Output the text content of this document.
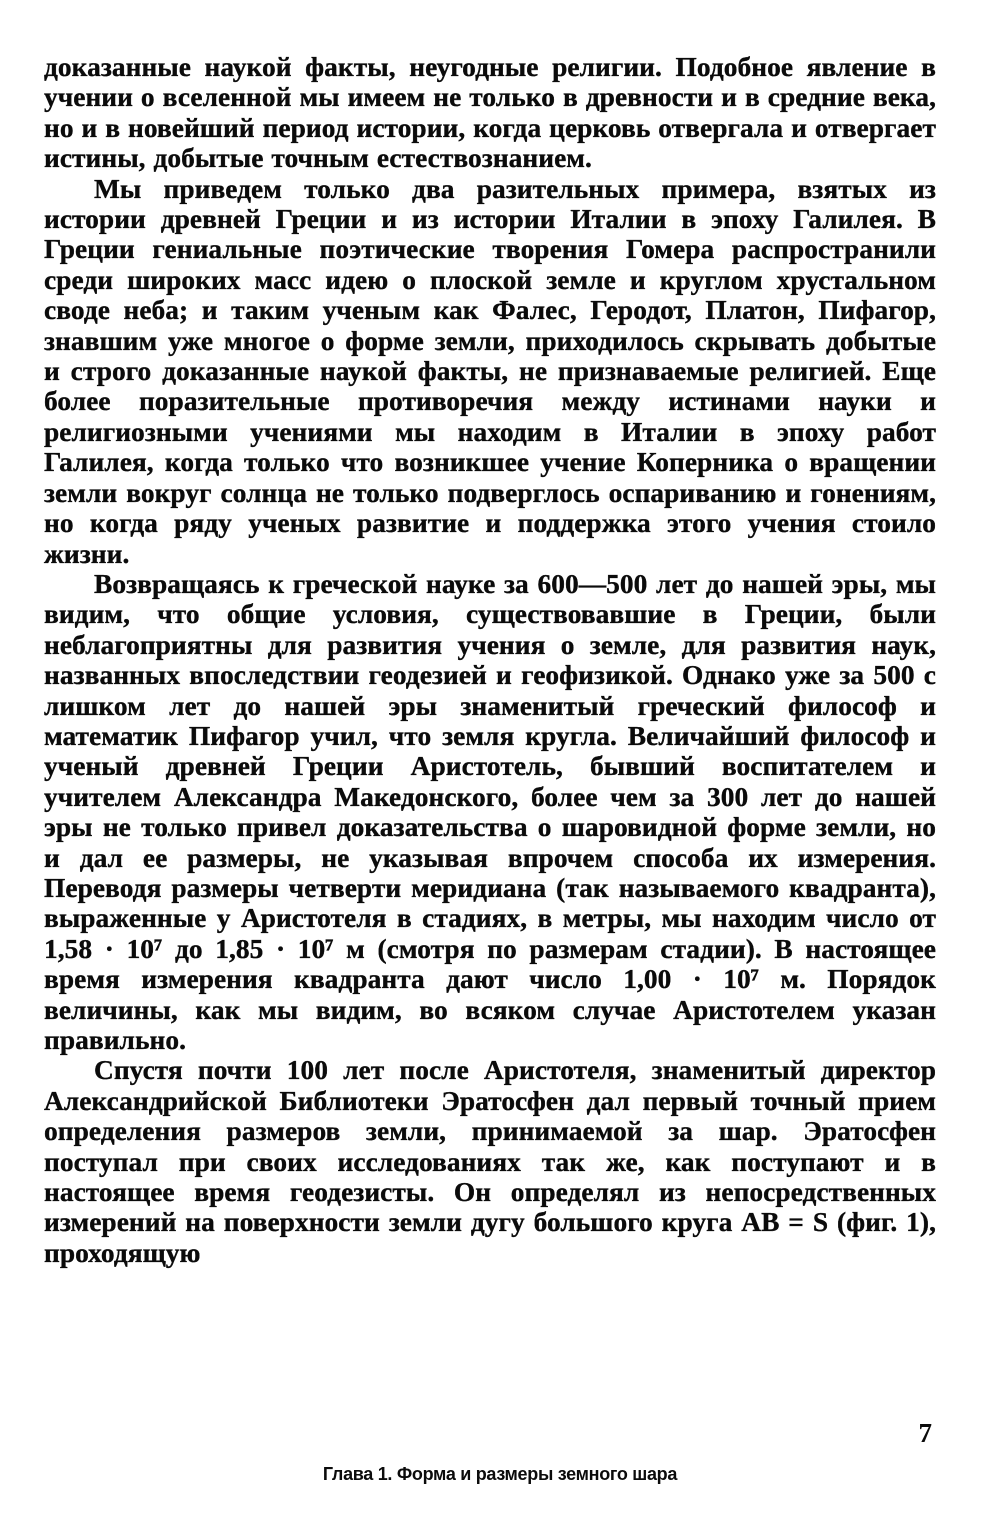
доказанные наукой факты, неугодные религии. Подобное явление в учении о вселенной мы имеем не только в древности и в средние века, но и в новейший период истории, когда церковь отвергала и отвергает истины, добытые точным естествознанием.

Мы приведем только два разительных примера, взятых из истории древней Греции и из истории Италии в эпоху Галилея. В Греции гениальные поэтические творения Гомера распространили среди широких масс идею о плоской земле и круглом хрустальном своде неба; и таким ученым как Фалес, Геродот, Платон, Пифагор, знавшим уже многое о форме земли, приходилось скрывать добытые и строго доказанные наукой факты, не признаваемые религией. Еще более поразительные противоречия между истинами науки и религиозными учениями мы находим в Италии в эпоху работ Галилея, когда только что возникшее учение Коперника о вращении земли вокруг солнца не только подверглось оспариванию и гонениям, но когда ряду ученых развитие и поддержка этого учения стоило жизни.

Возвращаясь к греческой науке за 600—500 лет до нашей эры, мы видим, что общие условия, существовавшие в Греции, были неблагоприятны для развития учения о земле, для развития наук, названных впоследствии геодезией и геофизикой. Однако уже за 500 с лишком лет до нашей эры знаменитый греческий философ и математик Пифагор учил, что земля кругла. Величайший философ и ученый древней Греции Аристотель, бывший воспитателем и учителем Александра Македонского, более чем за 300 лет до нашей эры не только привел доказательства о шаровидной форме земли, но и дал ее размеры, не указывая впрочем способа их измерения. Переводя размеры четверти меридиана (так называемого квадранта), выраженные у Аристотеля в стадиях, в метры, мы находим число от 1,58 · 10⁷ до 1,85 · 10⁷ м (смотря по размерам стадии). В настоящее время измерения квадранта дают число 1,00 · 10⁷ м. Порядок величины, как мы видим, во всяком случае Аристотелем указан правильно.

Спустя почти 100 лет после Аристотеля, знаменитый директор Александрийской Библиотеки Эратосфен дал первый точный прием определения размеров земли, принимаемой за шар. Эратосфен поступал при своих исследованиях так же, как поступают и в настоящее время геодезисты. Он определял из непосредственных измерений на поверхности земли дугу большого круга AB = S (фиг. 1), проходящую

7
Глава 1. Форма и размеры земного шара
